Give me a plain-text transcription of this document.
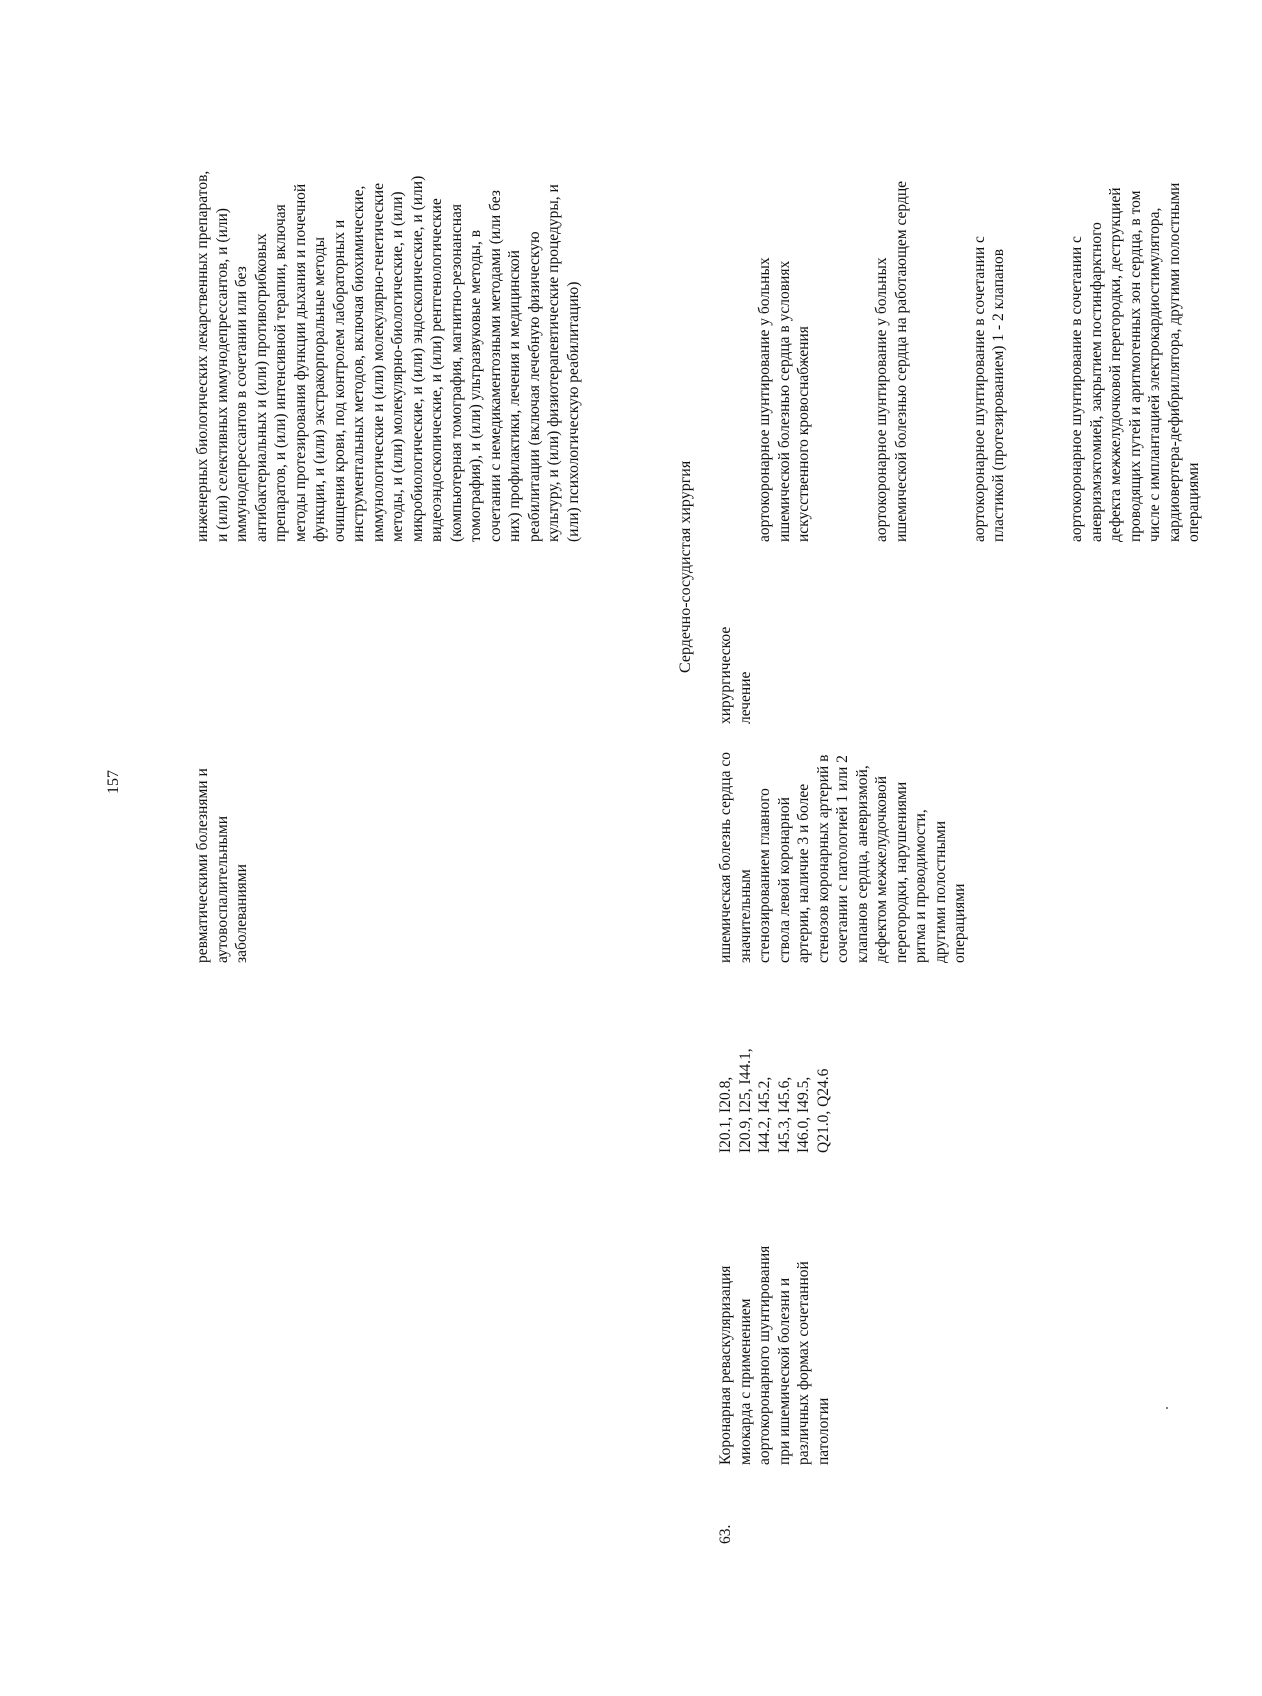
157
ревматическими болезнями и
аутовоспалительными
заболеваниями
инженерных биологических лекарственных препаратов,
и (или) селективных иммунодепрессантов, и (или)
иммунодепрессантов в сочетании или без
антибактериальных и (или) противогрибковых
препаратов, и (или) интенсивной терапии, включая
методы протезирования функции дыхания и почечной
функции, и (или) экстракорпоральные методы
очищения крови, под контролем лабораторных и
инструментальных методов, включая биохимические,
иммунологические и (или) молекулярно-генетические
методы, и (или) молекулярно-биологические, и (или)
микробиологические, и (или) эндоскопические, и (или)
видеоэндоскопические, и (или) рентгенологические
(компьютерная томография, магнитно-резонансная
томография), и (или) ультразвуковые методы, в
сочетании с немедикаментозными методами (или без
них) профилактики, лечения и медицинской
реабилитации (включая лечебную физическую
культуру, и (или) физиотерапевтические процедуры, и
(или) психологическую реабилитацию)
Сердечно-сосудистая хирургия
63.
Коронарная реваскуляризация
миокарда с применением
аортокоронарного шунтирования
при ишемической болезни и
различных формах сочетанной
патологии
I20.1, I20.8,
I20.9, I25, I44.1,
I44.2, I45.2,
I45.3, I45.6,
I46.0, I49.5,
Q21.0, Q24.6
ишемическая болезнь сердца со
значительным
стенозированием главного
ствола левой коронарной
артерии, наличие 3 и более
стенозов коронарных артерий в
сочетании с патологией 1 или 2
клапанов сердца, аневризмой,
дефектом межжелудочковой
перегородки, нарушениями
ритма и проводимости,
другими полостными
операциями
хирургическое
лечение

аортокоронарное шунтирование у больных
ишемической болезнью сердца в условиях
искусственного кровоснабжения

аортокоронарное шунтирование у больных
ишемической болезнью сердца на работающем сердце

аортокоронарное шунтирование в сочетании с
пластикой (протезированием) 1 - 2 клапанов

аортокоронарное шунтирование в сочетании с
аневризмэктомией, закрытием постинфарктного
дефекта межжелудочковой перегородки, деструкцией
проводящих путей и аритмогенных зон сердца, в том
числе с имплантацией электрокардиостимулятора,
кардиовертера-дефибриллятора, другими полостными
операциями
